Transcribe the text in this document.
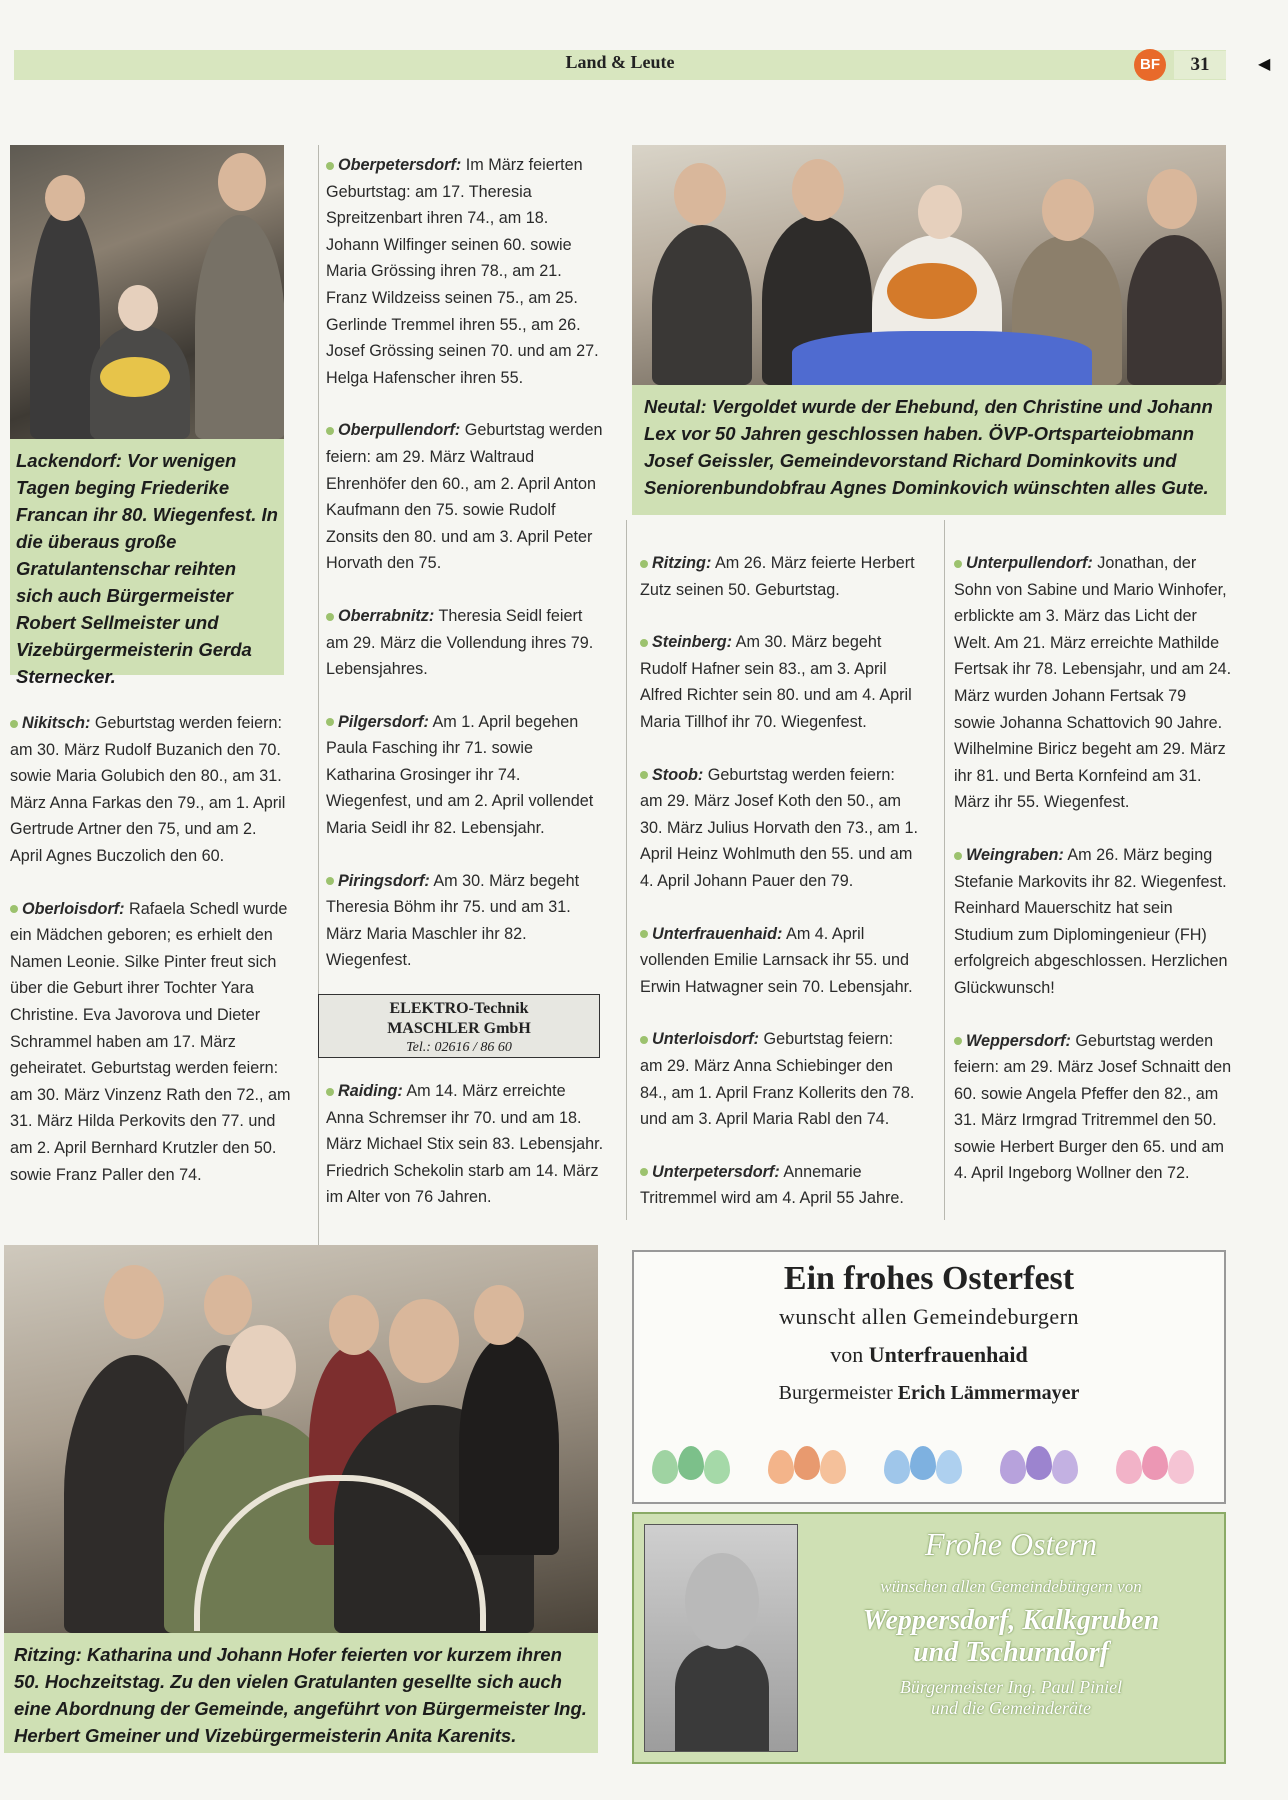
Land & Leute	BF	31	◀
Lackendorf: Vor wenigen Tagen beging Friederike Francan ihr 80. Wiegenfest. In die überaus große Gratulantenschar reihten sich auch Bürgermeister Robert Sellmeister und Vizebürgermeisterin Gerda Sternecker.
Neutal: Vergoldet wurde der Ehebund, den Christine und Johann Lex vor 50 Jahren geschlossen haben. ÖVP-Ortsparteiobmann Josef Geissler, Gemeindevorstand Richard Dominkovits und Seniorenbundobfrau Agnes Dominkovich wünschten alles Gute.

Nikitsch: Geburtstag werden feiern: am 30. März Rudolf Buzanich den 70. sowie Maria Golubich den 80., am 31. März Anna Farkas den 79., am 1. April Gertrude Artner den 75, und am 2. April Agnes Buczolich den 60.

Oberloisdorf: Rafaela Schedl wurde ein Mädchen geboren; es erhielt den Namen Leonie. Silke Pinter freut sich über die Geburt ihrer Tochter Yara Christine. Eva Javorova und Dieter Schrammel haben am 17. März geheiratet. Geburtstag werden feiern: am 30. März Vinzenz Rath den 72., am 31. März Hilda Perkovits den 77. und am 2. April Bernhard Krutzler den 50. sowie Franz Paller den 74.

Oberpetersdorf: Im März feierten Geburtstag: am 17. Theresia Spreitzenbart ihren 74., am 18. Johann Wilfinger seinen 60. sowie Maria Grössing ihren 78., am 21. Franz Wildzeiss seinen 75., am 25. Gerlinde Tremmel ihren 55., am 26. Josef Grössing seinen 70. und am 27. Helga Hafenscher ihren 55.

Oberpullendorf: Geburtstag werden feiern: am 29. März Waltraud Ehrenhöfer den 60., am 2. April Anton Kaufmann den 75. sowie Rudolf Zonsits den 80. und am 3. April Peter Horvath den 75.

Oberrabnitz: Theresia Seidl feiert am 29. März die Vollendung ihres 79. Lebensjahres.

Pilgersdorf: Am 1. April begehen Paula Fasching ihr 71. sowie Katharina Grosinger ihr 74. Wiegenfest, und am 2. April vollendet Maria Seidl ihr 82. Lebensjahr.

Piringsdorf: Am 30. März begeht Theresia Böhm ihr 75. und am 31. März Maria Maschler ihr 82. Wiegenfest.

ELEKTRO-Technik
MASCHLER GmbH
Tel.: 02616 / 86 60

Raiding: Am 14. März erreichte Anna Schremser ihr 70. und am 18. März Michael Stix sein 83. Lebensjahr. Friedrich Schekolin starb am 14. März im Alter von 76 Jahren.

Ritzing: Am 26. März feierte Herbert Zutz seinen 50. Geburtstag.

Steinberg: Am 30. März begeht Rudolf Hafner sein 83., am 3. April Alfred Richter sein 80. und am 4. April Maria Tillhof ihr 70. Wiegenfest.

Stoob: Geburtstag werden feiern: am 29. März Josef Koth den 50., am 30. März Julius Horvath den 73., am 1. April Heinz Wohlmuth den 55. und am 4. April Johann Pauer den 79.

Unterfrauenhaid: Am 4. April vollenden Emilie Larnsack ihr 55. und Erwin Hatwagner sein 70. Lebensjahr.

Unterloisdorf: Geburtstag feiern: am 29. März Anna Schiebinger den 84., am 1. April Franz Kollerits den 78. und am 3. April Maria Rabl den 74.

Unterpetersdorf: Annemarie Tritremmel wird am 4. April 55 Jahre.

Unterpullendorf: Jonathan, der Sohn von Sabine und Mario Winhofer, erblickte am 3. März das Licht der Welt. Am 21. März erreichte Mathilde Fertsak ihr 78. Lebensjahr, und am 24. März wurden Johann Fertsak 79 sowie Johanna Schattovich 90 Jahre. Wilhelmine Biricz begeht am 29. März ihr 81. und Berta Kornfeind am 31. März ihr 55. Wiegenfest.

Weingraben: Am 26. März beging Stefanie Markovits ihr 82. Wiegenfest. Reinhard Mauerschitz hat sein Studium zum Diplomingenieur (FH) erfolgreich abgeschlossen. Herzlichen Glückwunsch!

Weppersdorf: Geburtstag werden feiern: am 29. März Josef Schnaitt den 60. sowie Angela Pfeffer den 82., am 31. März Irmgrad Tritremmel den 50. sowie Herbert Burger den 65. und am 4. April Ingeborg Wollner den 72.

Ritzing: Katharina und Johann Hofer feierten vor kurzem ihren 50. Hochzeitstag. Zu den vielen Gratulanten gesellte sich auch eine Abordnung der Gemeinde, angeführt von Bürgermeister Ing. Herbert Gmeiner und Vizebürgermeisterin Anita Karenits.
Ein frohes Osterfest
wunscht allen Gemeindeburgern
von Unterfrauenhaid
Burgermeister Erich Lämmermayer
Frohe Ostern
wünschen allen Gemeindebürgern von
Weppersdorf, Kalkgruben
und Tschurndorf
Bürgermeister Ing. Paul Piniel
und die Gemeinderäte
